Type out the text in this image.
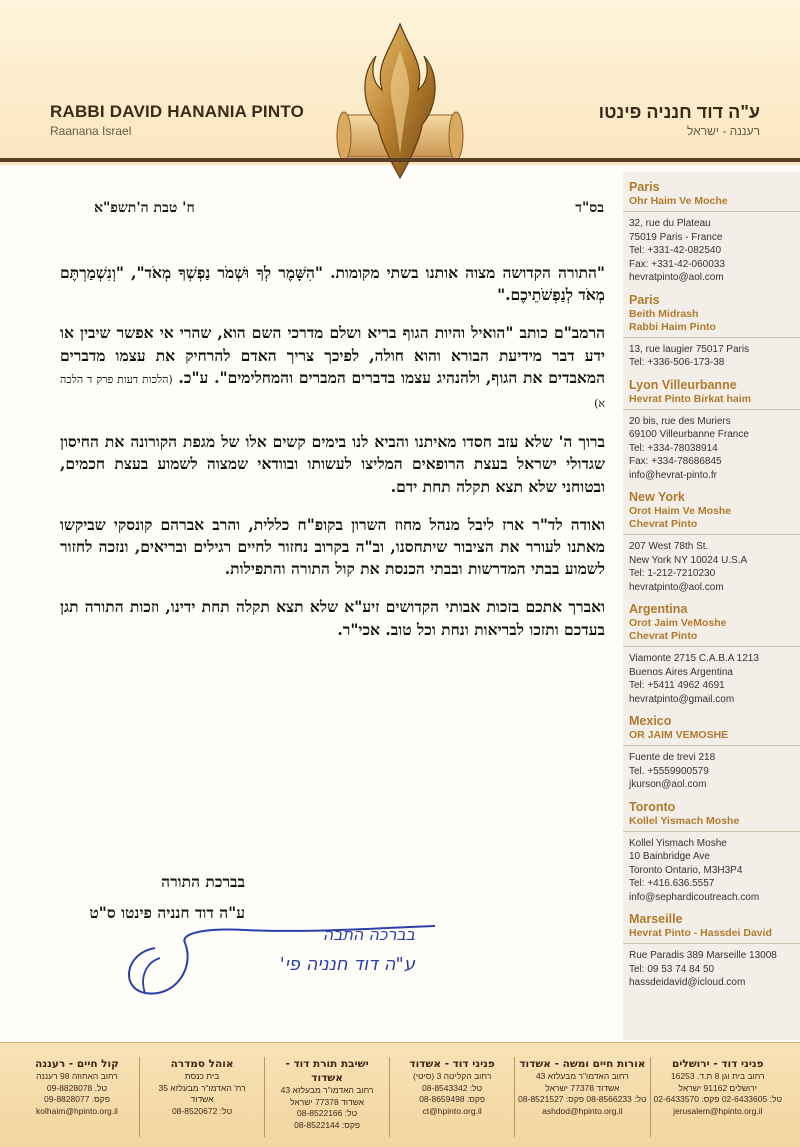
RABBI DAVID HANANIA PINTO
Raanana Israel
ע"ה דוד חנניה פינטו
רעננה - ישראל
בס"ד
ח' טבת ה'תשפ"א

"התורה הקדושה מצוה אותנו בשתי מקומות. "הִשָּׁמֶר לְךָ וּשְׁמֹר נַפְשְׁךָ מְאֹד", "וְנִשְׁמַרְתֶּם מְאֹד לְנַפְשֹׁתֵיכֶם."

הרמב"ם כותב "הואיל והיות הגוף בריא ושלם מדרכי השם הוא, שהרי אי אפשר שיבין או ידע דבר מידיעת הבורא והוא חולה, לפיכך צריך האדם להרחיק את עצמו מדברים המאבדים את הגוף, ולהנהיג עצמו בדברים המברים והמחלימים". ע"כ. (הלכות דעות פרק ד הלכה א)

ברוך ה' שלא עזב חסדו מאיתנו והביא לנו בימים קשים אלו של מגפת הקורונה את החיסון שגדולי ישראל בעצת הרופאים המליצו לעשותו ובוודאי שמצוה לשמוע בעצת חכמים, ובטוחני שלא תצא תקלה תחת ידם.

ואודה לד"ר ארז ליבל מנהל מחוז השרון בקופ"ח כללית, והרב אברהם קונסקי שביקשו מאתנו לעורר את הציבור שיתחסנו, וב"ה בקרוב נחזור לחיים רגילים ובריאים, ונזכה לחזור לשמוע בבתי המדרשות ובבתי הכנסת את קול התורה והתפילות.

ואברך אתכם בזכות אבותי הקדושים זיע"א שלא תצא תקלה תחת ידינו, וזכות התורה תגן בעדכם ותזכו לבריאות ונחת וכל טוב. אכי"ר.

בברכת התורה
ע"ה דוד חנניה פינטו ס"ט
בברכה התבה
ע"ה דוד חנניה פי'
Paris
Ohr Haim Ve Moche
32, rue du Plateau
75019 Paris - France
Tel: +331-42-082540
Fax: +331-42-060033
hevratpinto@aol.com
Paris
Beith Midrash
Rabbi Haim Pinto
13, rue laugier 75017 Paris
Tel: +336-506-173-38
Lyon Villeurbanne
Hevrat Pinto Birkat haim
20 bis, rue des Muriers
69100 Villeurbanne France
Tel: +334-78038914
Fax: +334-78686845
info@hevrat-pinto.fr
New York
Orot Haim Ve Moshe
Chevrat Pinto
207 West 78th St.
New York NY 10024 U.S.A
Tel: 1-212-7210230
hevratpinto@aol.com
Argentina
Orot Jaim VeMoshe
Chevrat Pinto
Viamonte 2715 C.A.B.A 1213
Buenos Aires Argentina
Tel: +5411 4962 4691
hevratpinto@gmail.com
Mexico
OR JAIM VEMOSHE
Fuente de trevi 218
Tel. +5559900579
jkurson@aol.com
Toronto
Kollel Yismach Moshe
Kollel Yismach Moshe
10 Bainbridge Ave
Toronto Ontario, M3H3P4
Tel: +416.636.5557
info@sephardicoutreach.com
Marseille
Hevrat Pinto - Hassdei David
Rue Paradis 389 Marseille 13008
Tel: 09 53 74 84 50
hassdeidavid@icloud.com
פניני דוד - ירושלים
רחוב בית וגן 8 ת.ד. 16253
ירושלים 91162 ישראל
טל: 02-6433605 פקס: 02-6433570
jerusalem@hpinto.org.il
אורות חיים ומשה - אשדוד
רחוב האדמו"ר מבעלזא 43
אשדוד 77378 ישראל
טל: 08-8566233 פקס: 08-8521527
ashdod@hpinto.org.il
פניני דוד - אשדוד
רחוב הקליטה 3 (סיטי)
טל: 08-8543342
פקס: 08-8659498
ct@hpinto.org.il
ישיבת תורת דוד - אשדוד
רחוב האדמו"ר מבעלזא 43
אשדוד 77378 ישראל
טל: 08-8522166
פקס: 08-8522144
אוהל סמדרה
בית כנסת
רח' האדמו"ר מבעלזא 35
אשדוד
טל: 08-8520672
קול חיים - רעננה
רחוב האחוזה 98 רעננה
טל. 09-8828078
פקס. 09-8828077
kolhaim@hpinto.org.il
